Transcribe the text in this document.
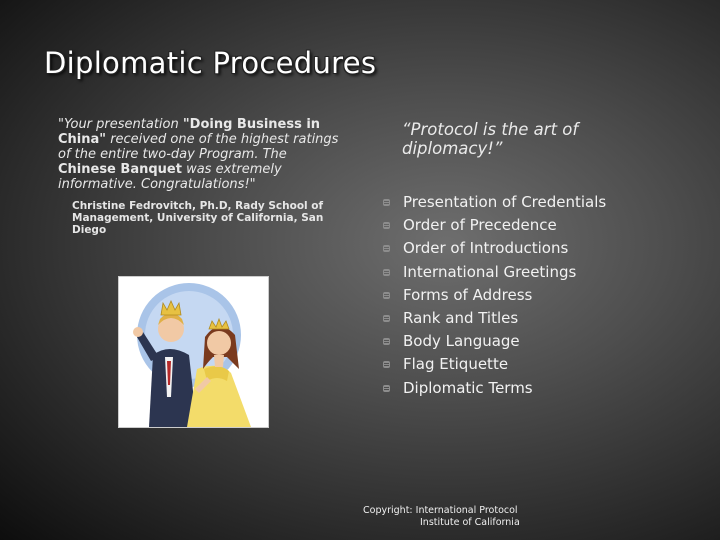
Diplomatic Procedures
"Your presentation "Doing Business in China" received one of the highest ratings of the entire two-day Program. The Chinese Banquet was extremely informative. Congratulations!"
Christine Fedrovitch, Ph.D, Rady School of Management, University of California, San Diego
“Protocol is the art of diplomacy!”
Presentation of Credentials
Order of Precedence
Order of Introductions
International Greetings
Forms of Address
Rank and Titles
Body Language
Flag Etiquette
Diplomatic Terms
Copyright: International Protocol
Institute of California
